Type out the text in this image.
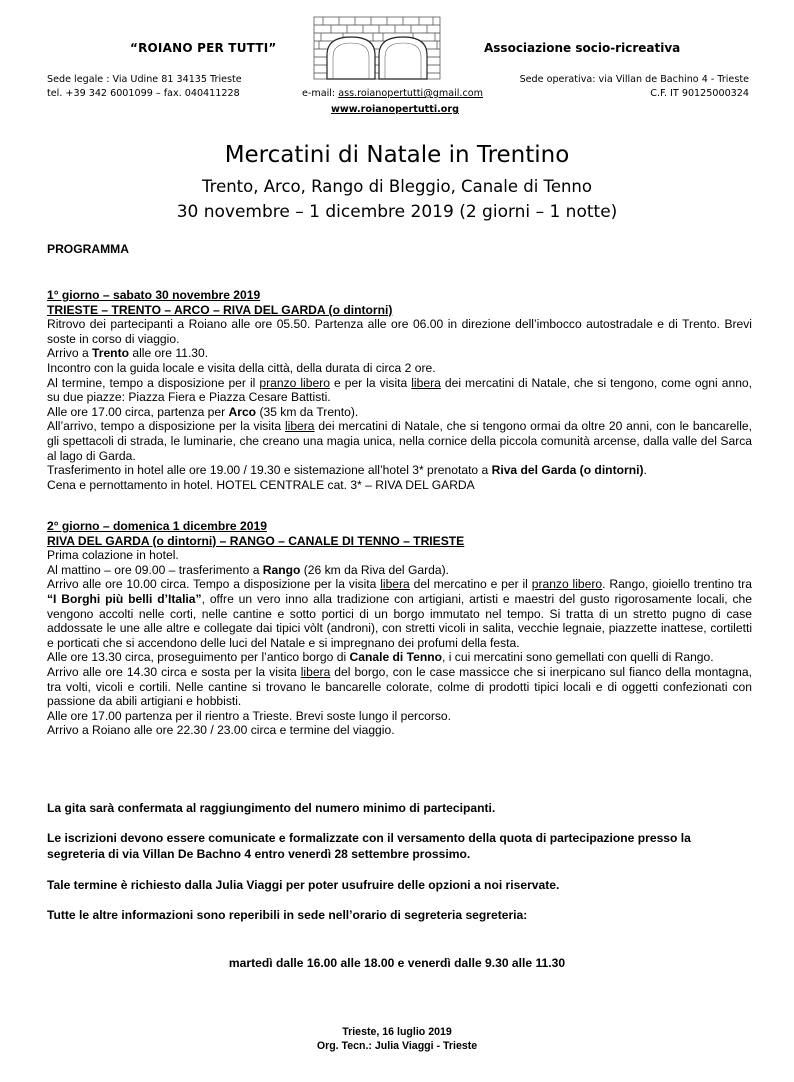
“ROIANO PER TUTTI”	Associazione socio-ricreativa
Sede legale : Via Udine 81 34135 Trieste
tel. +39 342 6001099 – fax. 040411228
Sede operativa: via Villan de Bachino 4 - Trieste
C.F. IT 90125000324
e-mail: ass.roianopertutti@gmail.com
www.roianopertutti.org
Mercatini di Natale in Trentino
Trento, Arco, Rango di Bleggio, Canale di Tenno
30 novembre – 1 dicembre 2019 (2 giorni – 1 notte)
PROGRAMMA
1° giorno – sabato 30 novembre 2019
TRIESTE – TRENTO – ARCO – RIVA DEL GARDA (o dintorni)

Ritrovo dei partecipanti a Roiano alle ore 05.50. Partenza alle ore 06.00 in direzione dell’imbocco autostradale e di Trento. Brevi soste in corso di viaggio.

Arrivo a Trento alle ore 11.30.

Incontro con la guida locale e visita della città, della durata di circa 2 ore.

Al termine, tempo a disposizione per il pranzo libero e per la visita libera dei mercatini di Natale, che si tengono, come ogni anno, su due piazze: Piazza Fiera e Piazza Cesare Battisti.

Alle ore 17.00 circa, partenza per Arco (35 km da Trento).

All’arrivo, tempo a disposizione per la visita libera dei mercatini di Natale, che si tengono ormai da oltre 20 anni, con le bancarelle, gli spettacoli di strada, le luminarie, che creano una magia unica, nella cornice della piccola comunità arcense, dalla valle del Sarca al lago di Garda.

Trasferimento in hotel alle ore 19.00 / 19.30 e sistemazione all’hotel 3* prenotato a Riva del Garda (o dintorni).

Cena e pernottamento in hotel. HOTEL CENTRALE cat. 3* – RIVA DEL GARDA

2° giorno – domenica 1 dicembre 2019
RIVA DEL GARDA (o dintorni) – RANGO – CANALE DI TENNO – TRIESTE

Prima colazione in hotel.

Al mattino – ore 09.00 – trasferimento a Rango (26 km da Riva del Garda).

Arrivo alle ore 10.00 circa. Tempo a disposizione per la visita libera del mercatino e per il pranzo libero. Rango, gioiello trentino tra “I Borghi più belli d’Italia”, offre un vero inno alla tradizione con artigiani, artisti e maestri del gusto rigorosamente locali, che vengono accolti nelle corti, nelle cantine e sotto portici di un borgo immutato nel tempo. Si tratta di un stretto pugno di case addossate le une alle altre e collegate dai tipici vòlt (androni), con stretti vicoli in salita, vecchie legnaie, piazzette inattese, cortiletti e porticati che si accendono delle luci del Natale e si impregnano dei profumi della festa.

Alle ore 13.30 circa, proseguimento per l’antico borgo di Canale di Tenno, i cui mercatini sono gemellati con quelli di Rango.

Arrivo alle ore 14.30 circa e sosta per la visita libera del borgo, con le case massicce che si inerpicano sul fianco della montagna, tra volti, vicoli e cortili. Nelle cantine si trovano le bancarelle colorate, colme di prodotti tipici locali e di oggetti confezionati con passione da abili artigiani e hobbisti.

Alle ore 17.00 partenza per il rientro a Trieste. Brevi soste lungo il percorso.

Arrivo a Roiano alle ore 22.30 / 23.00 circa e termine del viaggio.

La gita sarà confermata al raggiungimento del numero minimo di partecipanti.
Le iscrizioni devono essere comunicate e formalizzate con il versamento della quota di partecipazione presso la segreteria di via Villan De Bachno 4 entro venerdì 28 settembre prossimo.
Tale termine è richiesto dalla Julia Viaggi per poter usufruire delle opzioni a noi riservate.
Tutte le altre informazioni sono reperibili in sede nell’orario di segreteria segreteria:
martedì dalle 16.00 alle 18.00 e venerdì dalle 9.30 alle 11.30
Trieste, 16 luglio 2019
Org. Tecn.: Julia Viaggi - Trieste
